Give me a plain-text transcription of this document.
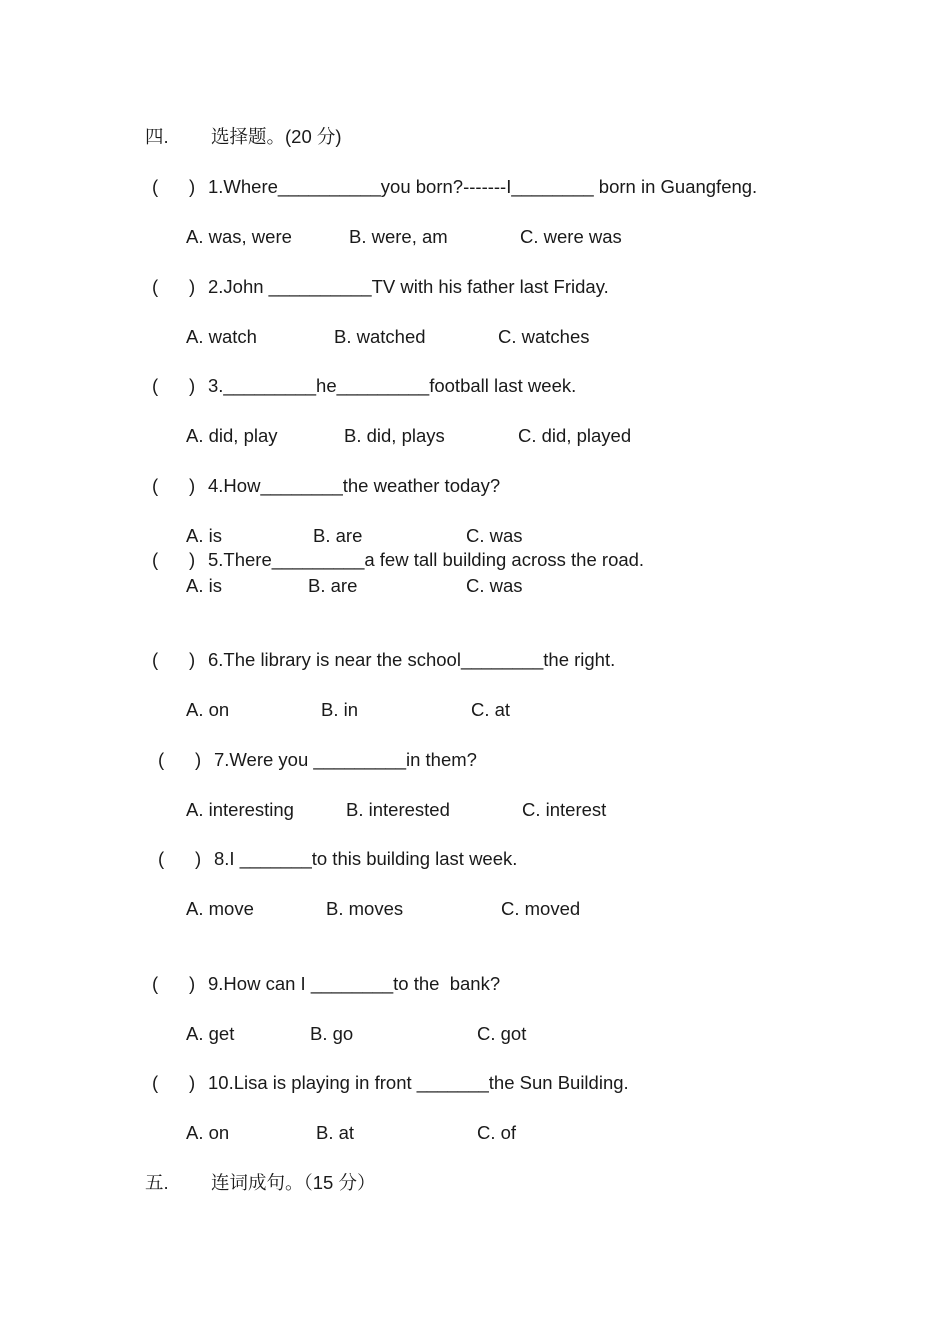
四. 选择题。(20 分)
(      ) 1.Where__________you born?-------I________ born in Guangfeng.
A. was, were	B. were, am	C. were was
(      ) 2.John __________TV with his father last Friday.
A. watch	B. watched	C. watches
(      ) 3._________he_________football last week.
A. did, play	B. did, plays	C. did, played
(      ) 4.How________the weather today?
A. is	B. are	C. was
(      ) 5.There_________a few tall building across the road.
A. is	B. are	C. was
(      ) 6.The library is near the school________the right.
A. on	B. in	C. at
(      ) 7.Were you _________in them?
A. interesting	B. interested	C. interest
(      ) 8.I _______to this building last week.
A. move	B. moves	C. moved
(      ) 9.How can I ________to the  bank?
A. get	B. go	C. got
(      ) 10.Lisa is playing in front _______the Sun Building.
A. on	B. at	C. of
五. 连词成句。（15 分）
